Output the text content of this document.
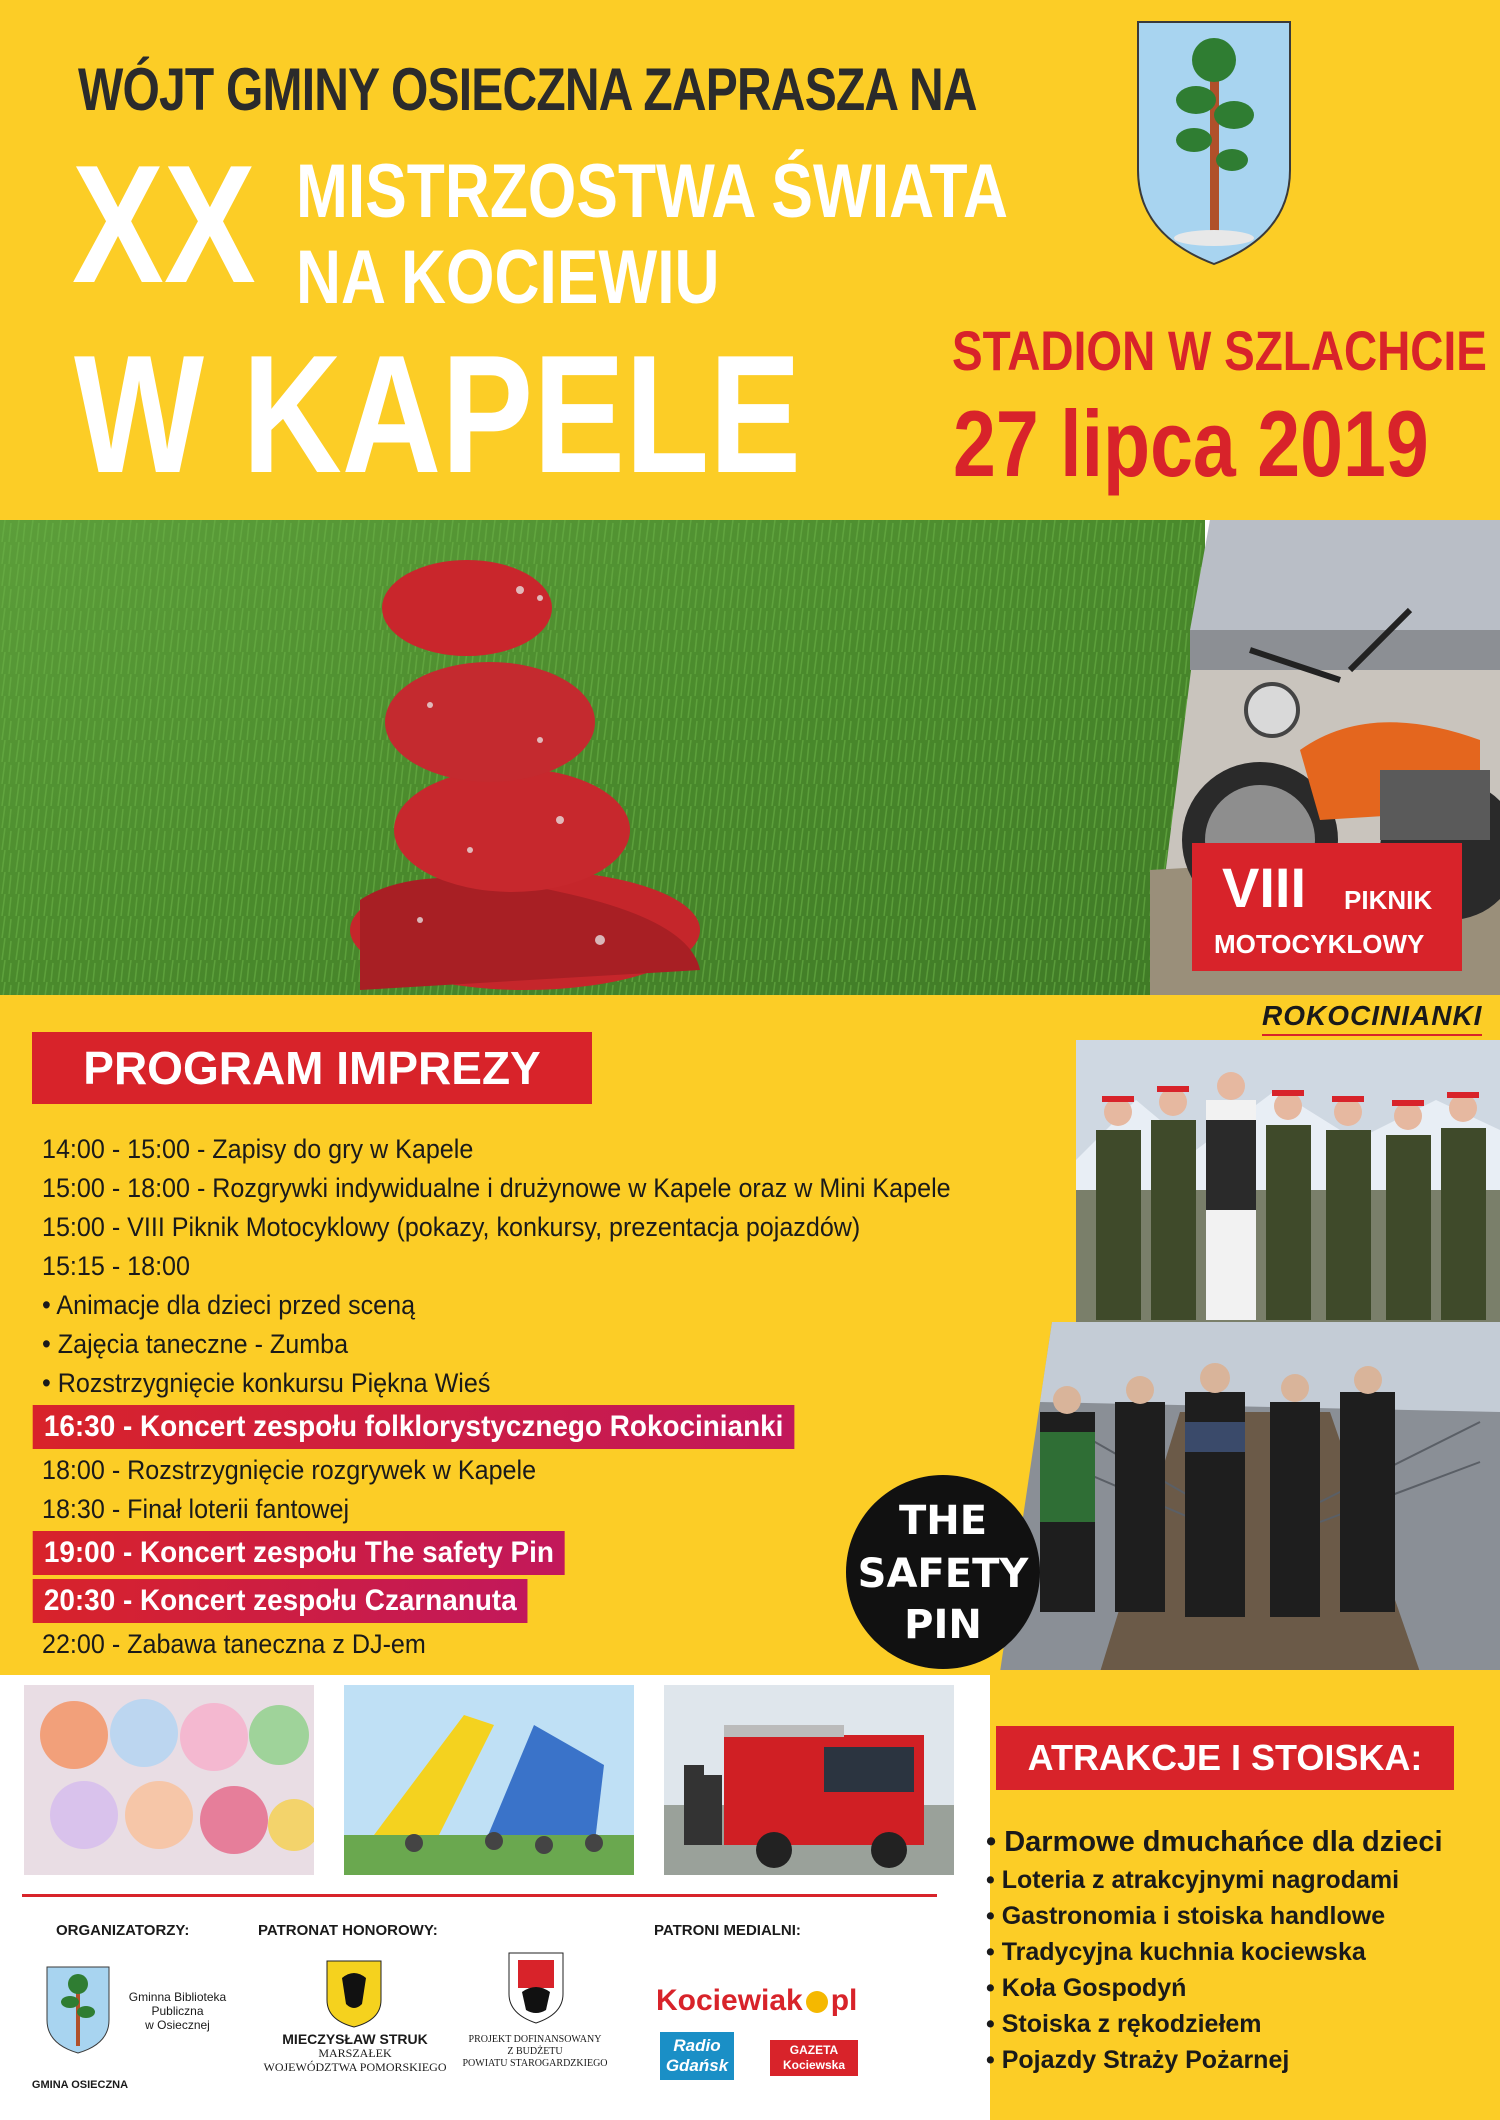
WÓJT GMINY OSIECZNA ZAPRASZA NA
XX MISTRZOSTWA ŚWIATA
NA KOCIEWIU
W KAPELE	STADION W SZLACHCIE
27 lipca 2019
VIII PIKNIK
MOTOCYKLOWY
PROGRAM IMPREZY
14:00 - 15:00 - Zapisy do gry w Kapele
15:00 - 18:00 - Rozgrywki indywidualne i drużynowe w Kapele oraz w Mini Kapele
15:00 - VIII Piknik Motocyklowy (pokazy, konkursy, prezentacja pojazdów)
15:15 - 18:00
• Animacje dla dzieci przed sceną
• Zajęcia taneczne - Zumba
• Rozstrzygnięcie konkursu Piękna Wieś
16:30 - Koncert zespołu folklorystycznego Rokocinianki
18:00 - Rozstrzygnięcie rozgrywek w Kapele
18:30 - Finał loterii fantowej
19:00 - Koncert zespołu The safety Pin
20:30 - Koncert zespołu Czarnanuta
22:00 - Zabawa taneczna z DJ-em
ROKOCINIANKI
THE
SAFETY
PIN
ATRAKCJE I STOISKA:
• Darmowe dmuchańce dla dzieci
• Loteria z atrakcyjnymi nagrodami
• Gastronomia i stoiska handlowe
• Tradycyjna kuchnia kociewska
• Koła Gospodyń
• Stoiska z rękodziełem
• Pojazdy Straży Pożarnej
ORGANIZATORZY:
GMINA OSIECZNA
Gminna Biblioteka
Publiczna
w Osiecznej
PATRONAT HONOROWY:
MIECZYSŁAW STRUK
MARSZAŁEK
WOJEWÓDZTWA POMORSKIEGO
PROJEKT DOFINANSOWANY
Z BUDŻETU
POWIATU STAROGARDZKIEGO
PATRONI MEDIALNI:
Kociewiak pl
Radio
Gdańsk
GAZETA
Kociewska
